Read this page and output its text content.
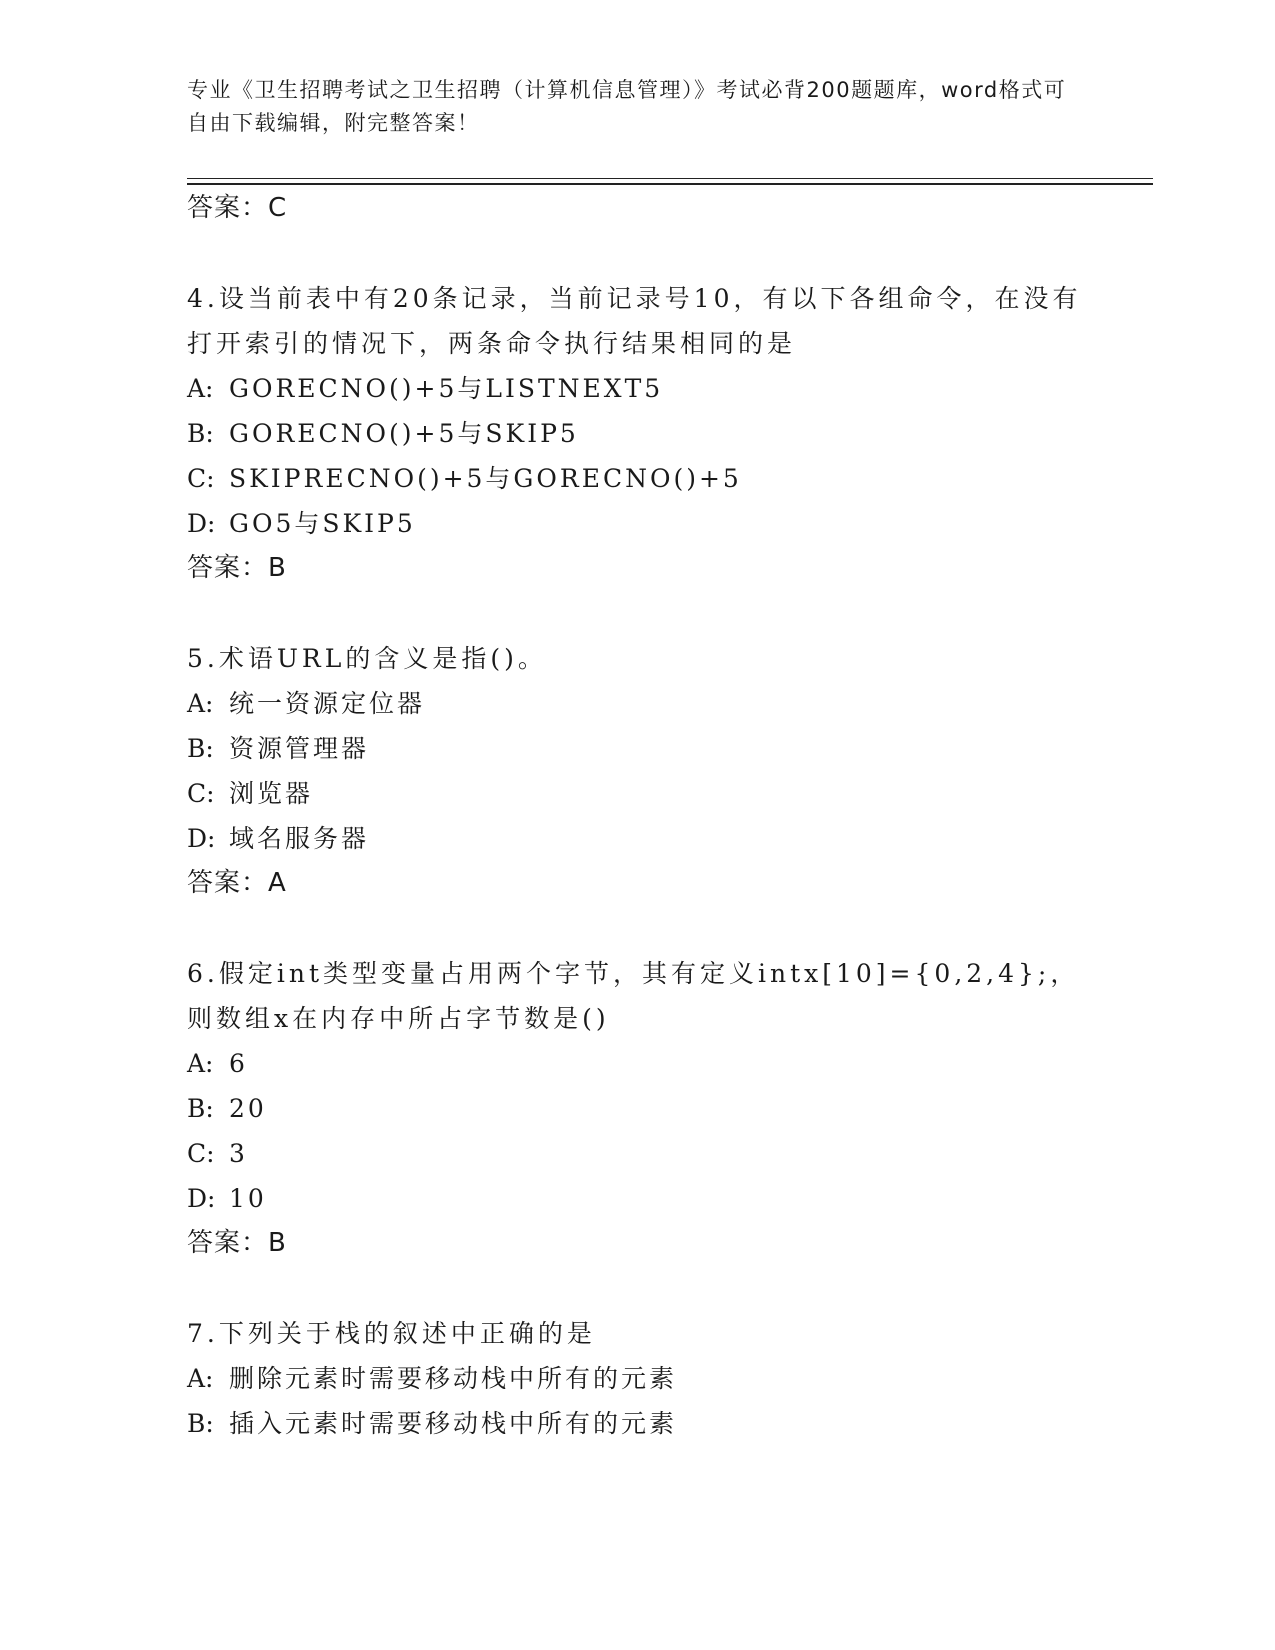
专业《卫生招聘考试之卫生招聘（计算机信息管理）》考试必背200题题库，word格式可自由下载编辑，附完整答案！
答案：C
4.设当前表中有20条记录，当前记录号10，有以下各组命令，在没有打开索引的情况下，两条命令执行结果相同的是
A: GORECNO()+5与LISTNEXT5
B: GORECNO()+5与SKIP5
C: SKIPRECNO()+5与GORECNO()+5
D: GO5与SKIP5
答案：B
5.术语URL的含义是指()。
A: 统一资源定位器
B: 资源管理器
C: 浏览器
D: 域名服务器
答案：A
6.假定int类型变量占用两个字节，其有定义intx[10]={0,2,4};，则数组x在内存中所占字节数是()
A: 6
B: 20
C: 3
D: 10
答案：B
7.下列关于栈的叙述中正确的是
A: 删除元素时需要移动栈中所有的元素
B: 插入元素时需要移动栈中所有的元素
